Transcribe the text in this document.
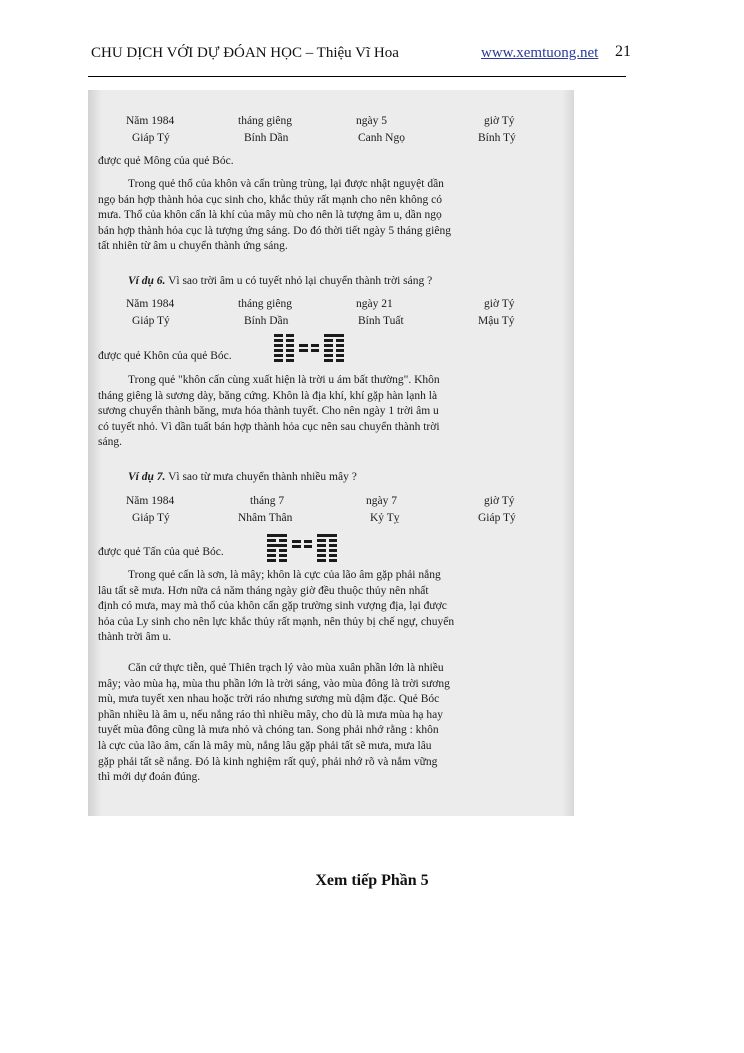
CHU DỊCH VỚI DỰ ĐÓAN HỌC – Thiệu Vĩ Hoa	www.xemtuong.net 21
Năm 1984	tháng giêng	ngày 5	giờ Tý
Giáp Tý	Bính Dần	Canh Ngọ	Bính Tý
được quẻ Mông của quẻ Bóc.

Trong quẻ thổ của khôn và cấn trùng trùng, lại được nhật nguyệt dần

ngọ bán hợp thành hỏa cục sinh cho, khắc thủy rất mạnh cho nên không có
mưa. Thổ của khôn cấn là khí của mây mù cho nên là tượng âm u, dần ngọ
bán hợp thành hỏa cục là tượng ứng sáng. Do đó thời tiết ngày 5 tháng giêng
tất nhiên từ âm u chuyển thành ứng sáng.
Ví dụ 6. Vì sao trời âm u có tuyết nhỏ lại chuyển thành trời sáng ?
Năm 1984	tháng giêng	ngày 21	giờ Tý
Giáp Tý	Bính Dần	Bính Tuất	Mậu Tý
được quẻ Khôn của quẻ Bóc.

Trong quẻ "khôn cấn cùng xuất hiện là trời u ám bất thường". Khôn

tháng giêng là sương dày, băng cứng. Khôn là địa khí, khí gặp hàn lạnh là
sương chuyển thành băng, mưa hóa thành tuyết. Cho nên ngày 1 trời âm u
có tuyết nhỏ. Vì dần tuất bán hợp thành hỏa cục nên sau chuyển thành trời
sáng.
Ví dụ 7. Vì sao từ mưa chuyển thành nhiều mây ?
Năm 1984	tháng 7	ngày 7	giờ Tý
Giáp Tý	Nhâm Thân	Kỷ Tỵ	Giáp Tý
được quẻ Tấn của quẻ Bóc.

Trong quẻ cấn là sơn, là mây; khôn là cực của lão âm gặp phải nắng

lâu tất sẽ mưa. Hơn nữa cả năm tháng ngày giờ đều thuộc thủy nên nhất
định có mưa, may mà thổ của khôn cấn gặp trường sinh vượng địa, lại được
hỏa của Ly sinh cho nên lực khắc thủy rất mạnh, nên thủy bị chế ngự, chuyển
thành trời âm u.

Căn cứ thực tiễn, quẻ Thiên trạch lý vào mùa xuân phần lớn là nhiều

mây; vào mùa hạ, mùa thu phần lớn là trời sáng, vào mùa đông là trời sương
mù, mưa tuyết xen nhau hoặc trời ráo nhưng sương mù dậm đặc. Quẻ Bóc
phần nhiều là âm u, nếu nắng ráo thì nhiều mây, cho dù là mưa mùa hạ hay
tuyết mùa đông cũng là mưa nhỏ và chóng tan. Song phải nhớ rằng : khôn
là cực của lão âm, cấn là mây mù, nắng lâu gặp phải tất sẽ mưa, mưa lâu
gặp phải tất sẽ nắng. Đó là kinh nghiệm rất quý, phải nhớ rõ và nắm vững
thì mới dự đoán đúng.
Xem tiếp Phần 5
